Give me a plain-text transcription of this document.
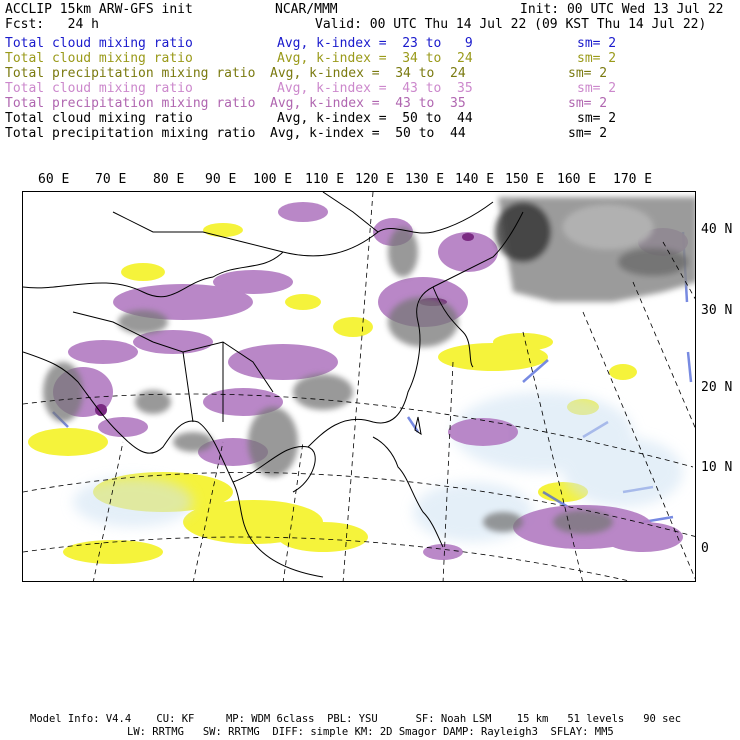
ACCLIP 15km ARW-GFS init	NCAR/MMM	Init: 00 UTC Wed 13 Jul 22
Fcst:   24 h	Valid: 00 UTC Thu 14 Jul 22 (09 KST Thu 14 Jul 22)
Total cloud mixing ratio	Avg, k-index =  23 to   9	sm= 2
Total cloud mixing ratio	Avg, k-index =  34 to  24	sm= 2
Total precipitation mixing ratio Avg, k-index =  34 to  24	sm= 2
Total cloud mixing ratio	Avg, k-index =  43 to  35	sm= 2
Total precipitation mixing ratio Avg, k-index =  43 to  35	sm= 2
Total cloud mixing ratio	Avg, k-index =  50 to  44	sm= 2
Total precipitation mixing ratio Avg, k-index =  50 to  44	sm= 2
60 E 70 E 80 E 90 E 100 E 110 E 120 E 130 E 140 E 150 E 160 E 170 E
40 N
30 N
20 N
10 N
0
Model Info: V4.4    CU: KF     MP: WDM 6class  PBL: YSU      SF: Noah LSM    15 km   51 levels   90 sec
LW: RRTMG   SW: RRTMG  DIFF: simple KM: 2D Smagor DAMP: Rayleigh3  SFLAY: MM5
